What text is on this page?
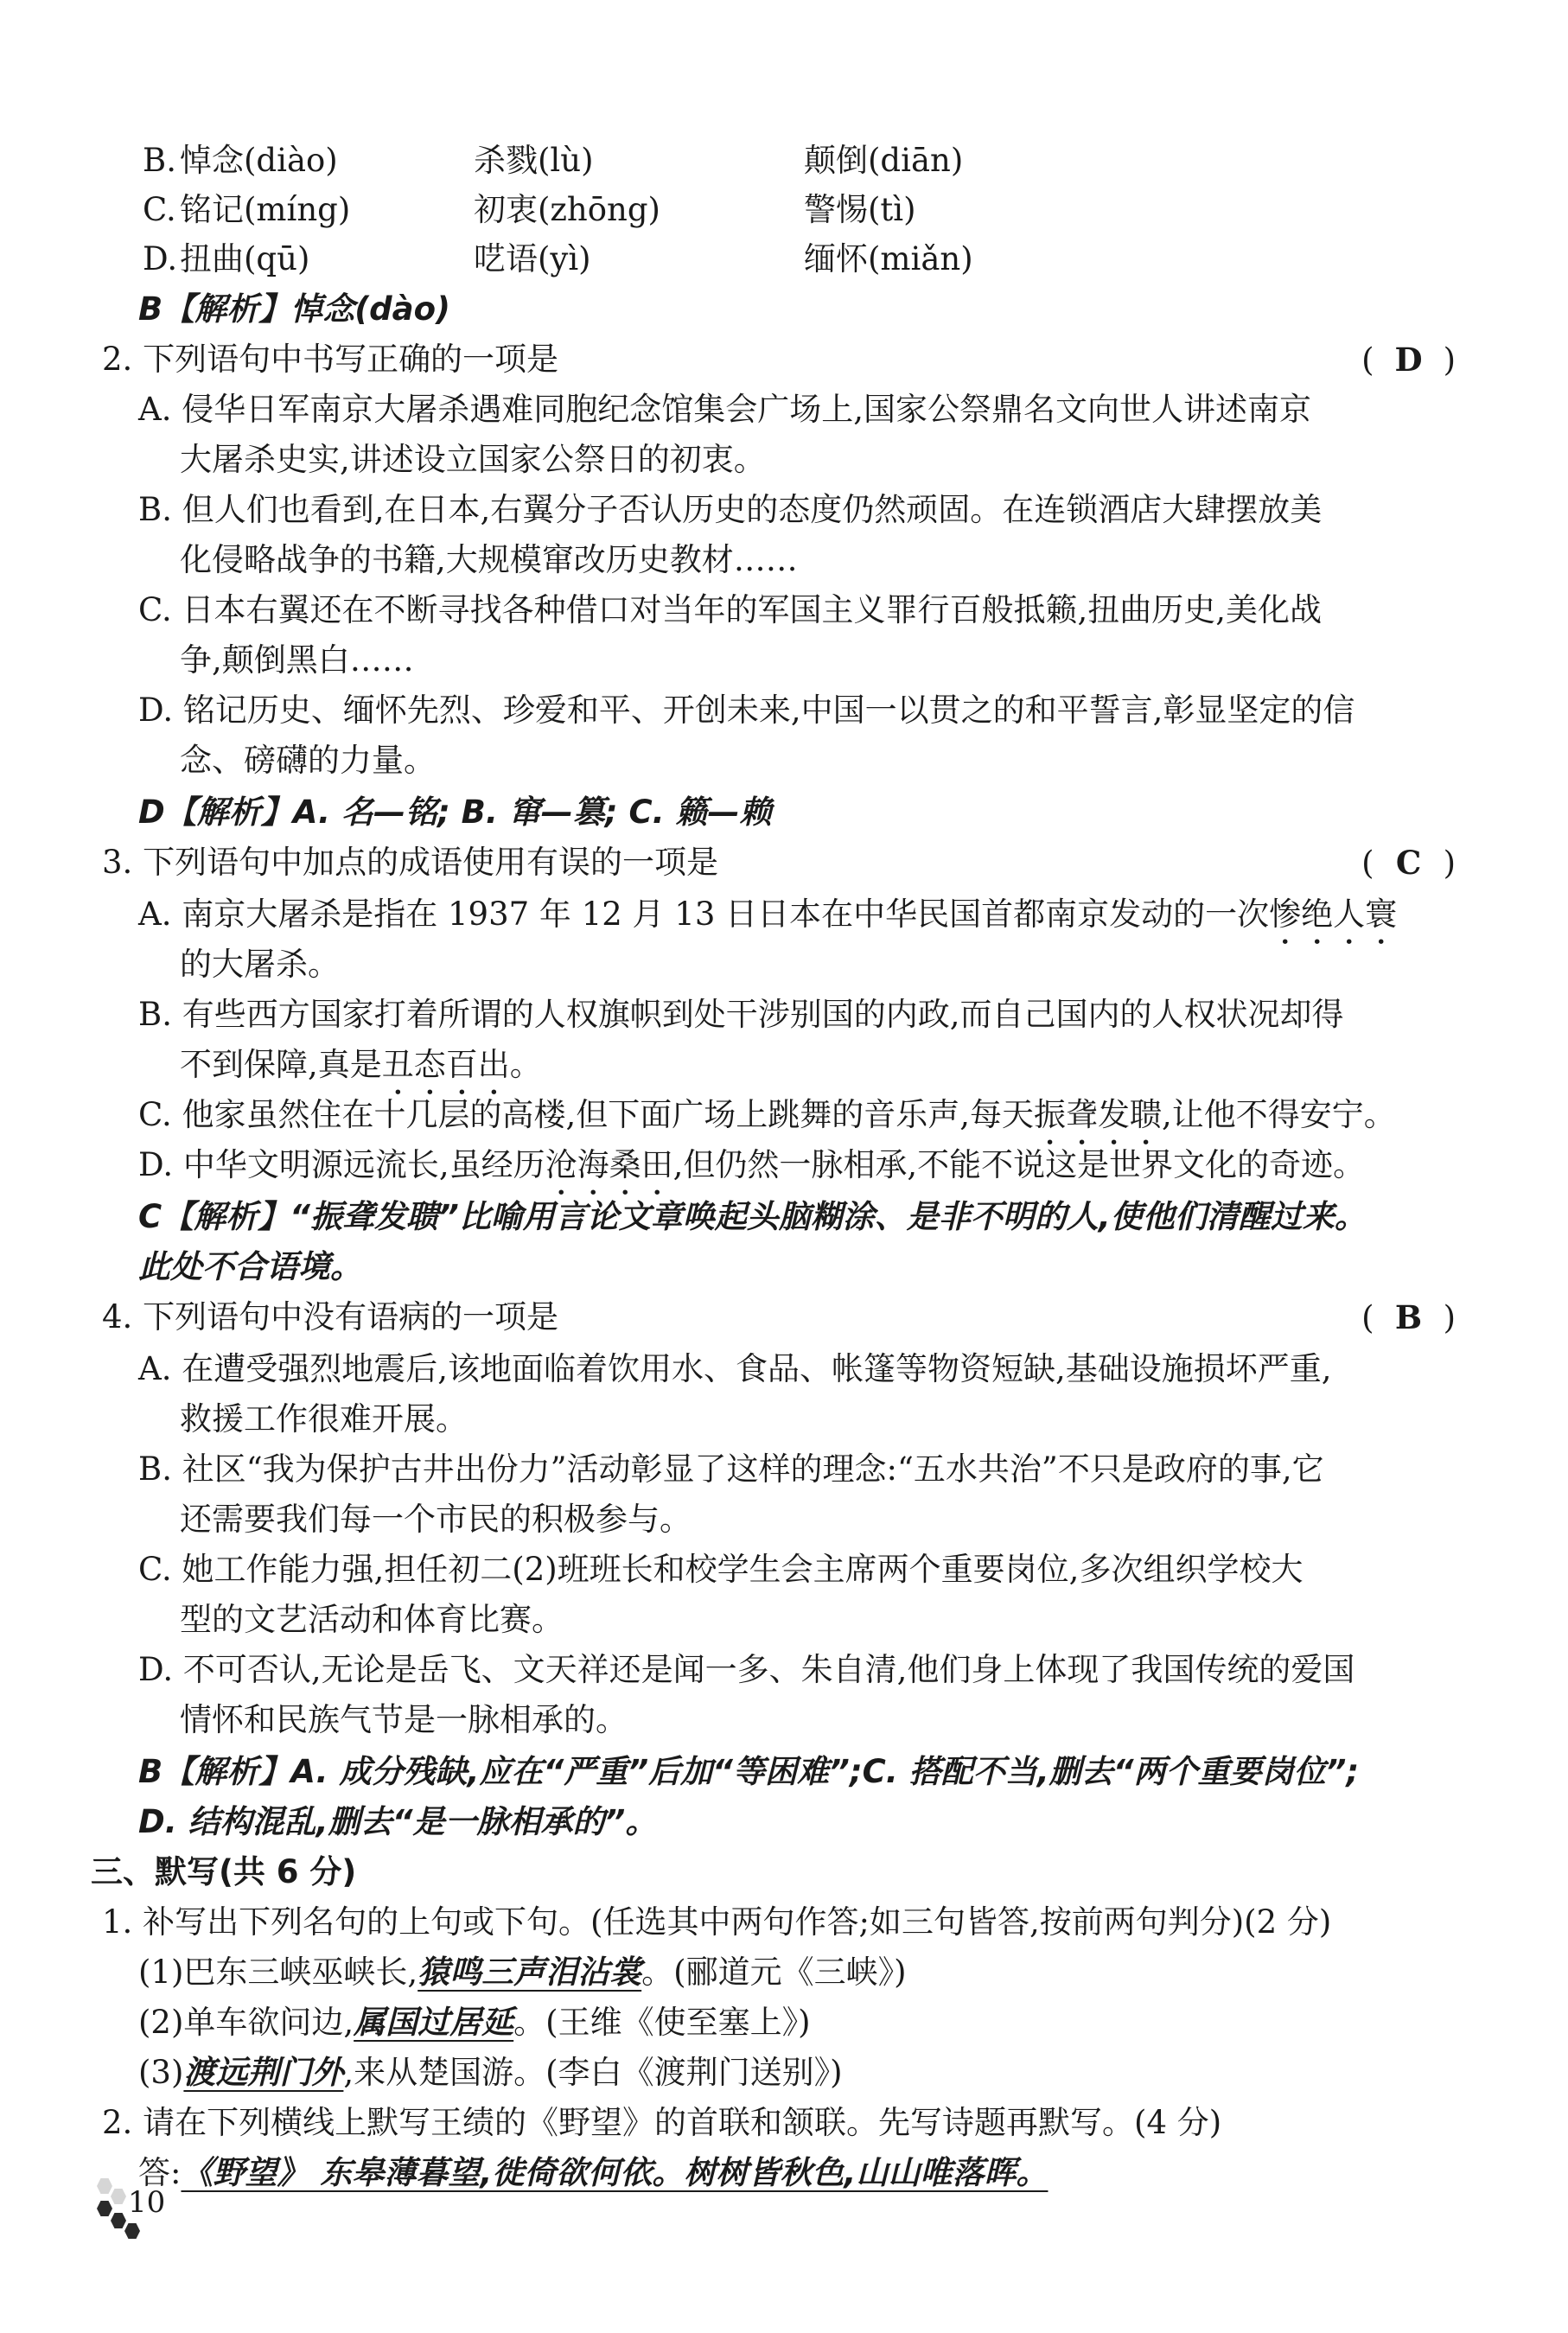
B. 悼念(diào)	杀戮(lù)	颠倒(diān)
C. 铭记(míng)	初衷(zhōng)	警惕(tì)
D. 扭曲(qū)	呓语(yì)	缅怀(miǎn)
B【解析】悼念(dào)
2. 下列语句中书写正确的一项是	( D )
A. 侵华日军南京大屠杀遇难同胞纪念馆集会广场上,国家公祭鼎名文向世人讲述南京
大屠杀史实,讲述设立国家公祭日的初衷。
B. 但人们也看到,在日本,右翼分子否认历史的态度仍然顽固。在连锁酒店大肆摆放美
化侵略战争的书籍,大规模窜改历史教材……
C. 日本右翼还在不断寻找各种借口对当年的军国主义罪行百般抵籁,扭曲历史,美化战
争,颠倒黑白……
D. 铭记历史、缅怀先烈、珍爱和平、开创未来,中国一以贯之的和平誓言,彰显坚定的信
念、磅礴的力量。
D【解析】A. 名—铭; B. 窜—篡; C. 籁—赖
3. 下列语句中加点的成语使用有误的一项是	( C )
A. 南京大屠杀是指在 1937 年 12 月 13 日日本在中华民国首都南京发动的一次惨绝人寰
的大屠杀。
B. 有些西方国家打着所谓的人权旗帜到处干涉别国的内政,而自己国内的人权状况却得
不到保障,真是丑态百出。
C. 他家虽然住在十几层的高楼,但下面广场上跳舞的音乐声,每天振聋发聩,让他不得安宁。
D. 中华文明源远流长,虽经历沧海桑田,但仍然一脉相承,不能不说这是世界文化的奇迹。
C【解析】“振聋发聩”比喻用言论文章唤起头脑糊涂、是非不明的人,使他们清醒过来。
此处不合语境。
4. 下列语句中没有语病的一项是	( B )
A. 在遭受强烈地震后,该地面临着饮用水、食品、帐篷等物资短缺,基础设施损坏严重,
救援工作很难开展。
B. 社区“我为保护古井出份力”活动彰显了这样的理念:“五水共治”不只是政府的事,它
还需要我们每一个市民的积极参与。
C. 她工作能力强,担任初二(2)班班长和校学生会主席两个重要岗位,多次组织学校大
型的文艺活动和体育比赛。
D. 不可否认,无论是岳飞、文天祥还是闻一多、朱自清,他们身上体现了我国传统的爱国
情怀和民族气节是一脉相承的。
B【解析】A. 成分残缺,应在“严重”后加“等困难”;C. 搭配不当,删去“两个重要岗位”;
D. 结构混乱,删去“是一脉相承的”。
三、默写(共 6 分)
1. 补写出下列名句的上句或下句。(任选其中两句作答;如三句皆答,按前两句判分)(2 分)
(1)巴东三峡巫峡长,猿鸣三声泪沾裳。(郦道元《三峡》)
(2)单车欲问边,属国过居延。(王维《使至塞上》)
(3)渡远荆门外,来从楚国游。(李白《渡荆门送别》)
2. 请在下列横线上默写王绩的《野望》的首联和颔联。先写诗题再默写。(4 分)
答:《野望》 东皋薄暮望,徙倚欲何依。树树皆秋色,山山唯落晖。
10
